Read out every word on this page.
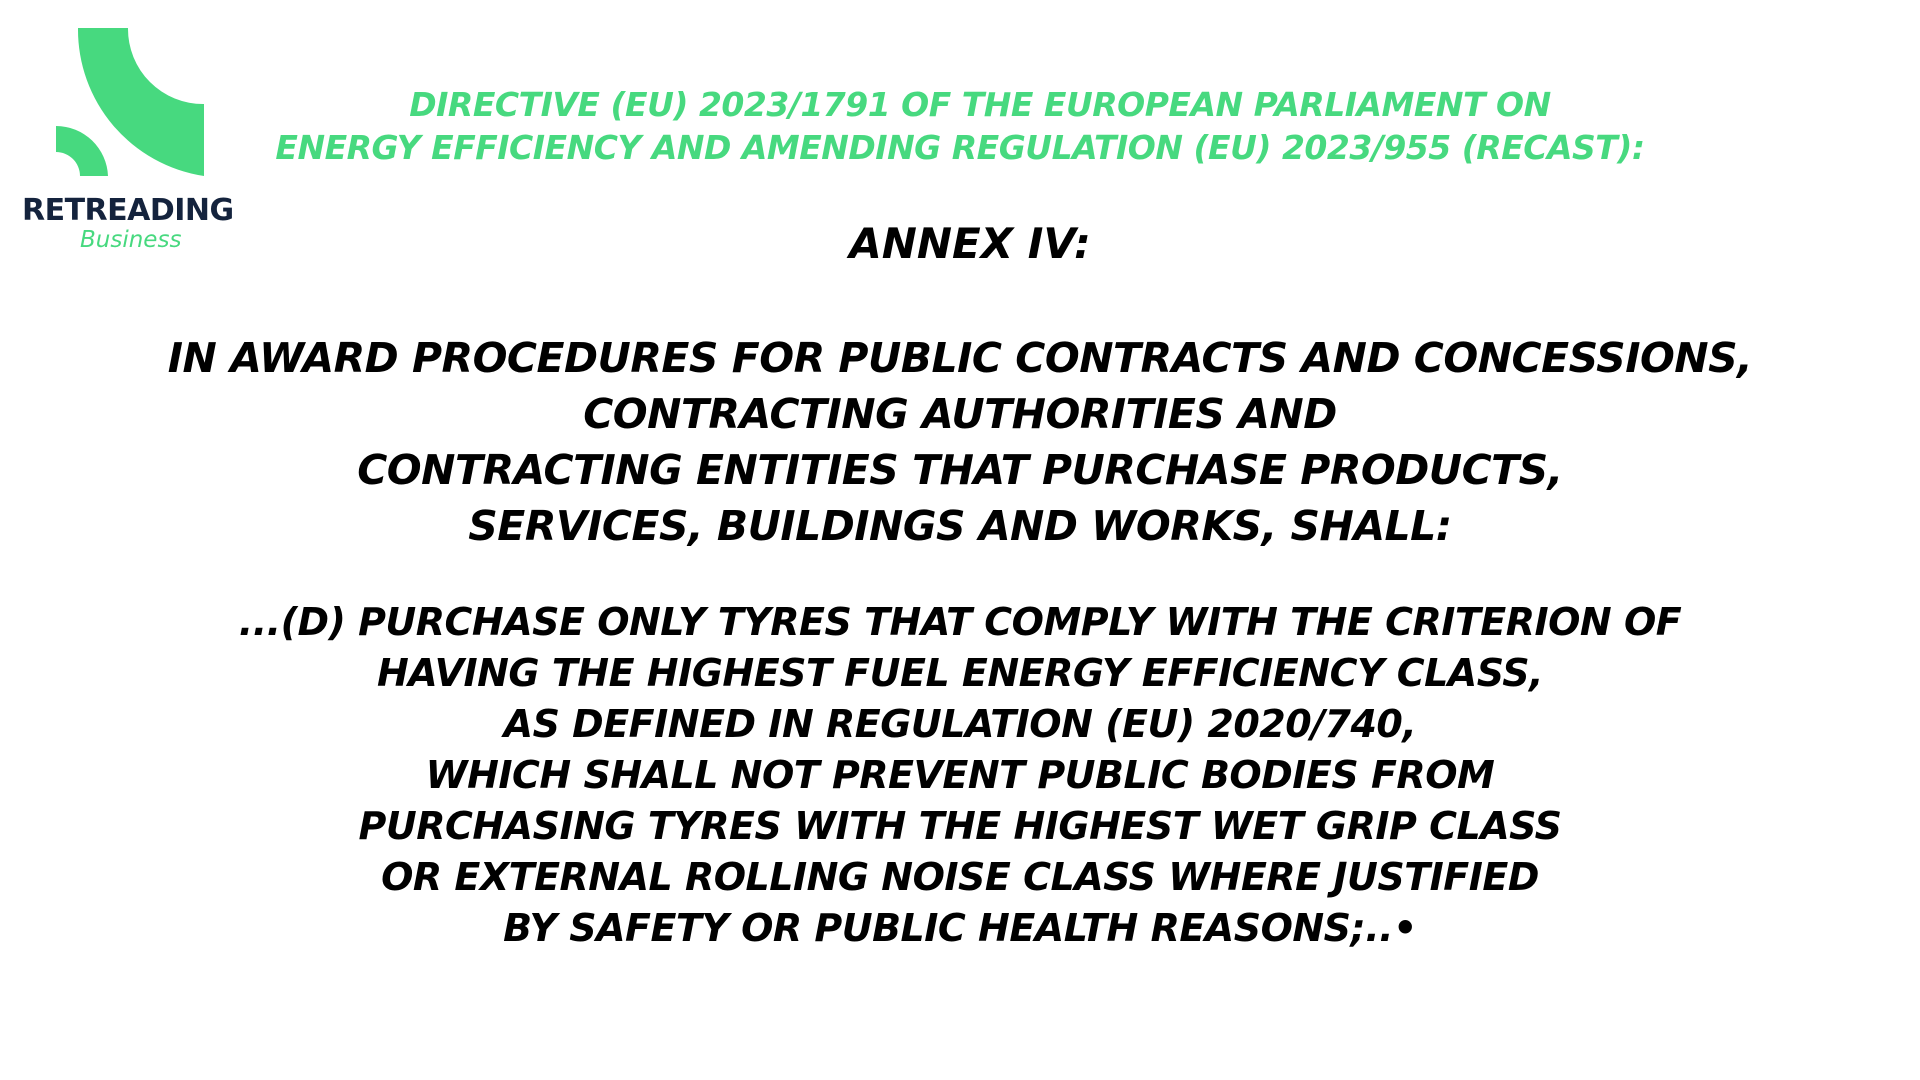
RETREADING
Business
DIRECTIVE (EU) 2023/1791 OF THE EUROPEAN PARLIAMENT ON
ENERGY EFFICIENCY AND AMENDING REGULATION (EU) 2023/955 (RECAST):
ANNEX IV:
IN AWARD PROCEDURES FOR PUBLIC CONTRACTS AND CONCESSIONS,
CONTRACTING AUTHORITIES AND
CONTRACTING ENTITIES THAT PURCHASE PRODUCTS,
SERVICES, BUILDINGS AND WORKS, SHALL:
...(D) PURCHASE ONLY TYRES THAT COMPLY WITH THE CRITERION OF
HAVING THE HIGHEST FUEL ENERGY EFFICIENCY CLASS,
AS DEFINED IN REGULATION (EU) 2020/740,
WHICH SHALL NOT PREVENT PUBLIC BODIES FROM
PURCHASING TYRES WITH THE HIGHEST WET GRIP CLASS
OR EXTERNAL ROLLING NOISE CLASS WHERE JUSTIFIED
BY SAFETY OR PUBLIC HEALTH REASONS;..•
